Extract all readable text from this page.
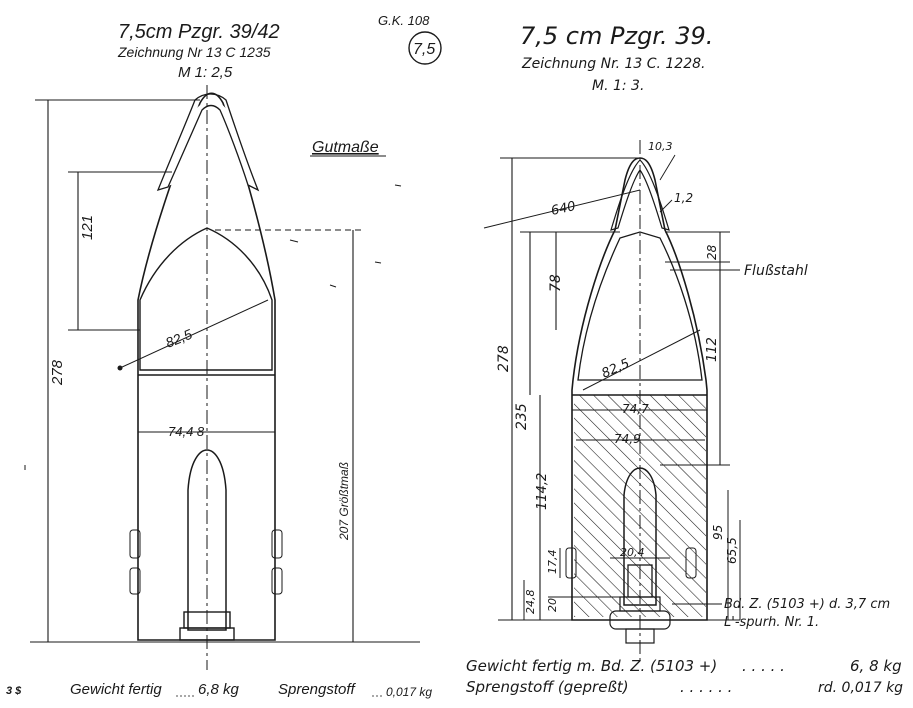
7,5cm Pzgr. 39/42
Zeichnung Nr 13 C 1235
M 1: 2,5
G.K. 108
7,5
Gutmaße
121
278
82,5
74,4 8
207 Größtmaß
3 $	Gewicht fertig 6,8 kg	Sprengstoff	0,017 kg
7,5 cm Pzgr. 39.
Zeichnung Nr. 13 C. 1228.
M. 1: 3.
10,3
640
1,2
28
Flußstahl
78
278	82,5
112
74,7
74,9
235
114,2
95
65,5
17,4	20,4
24,8 20	Bd. Z. (5103 +) d. 3,7 cm
L'-spurh. Nr. 1.
Gewicht fertig m. Bd. Z. (5103 +) . . . . .	6, 8 kg
Sprengstoff (gepreßt)	. . . . . .	rd. 0,017 kg
